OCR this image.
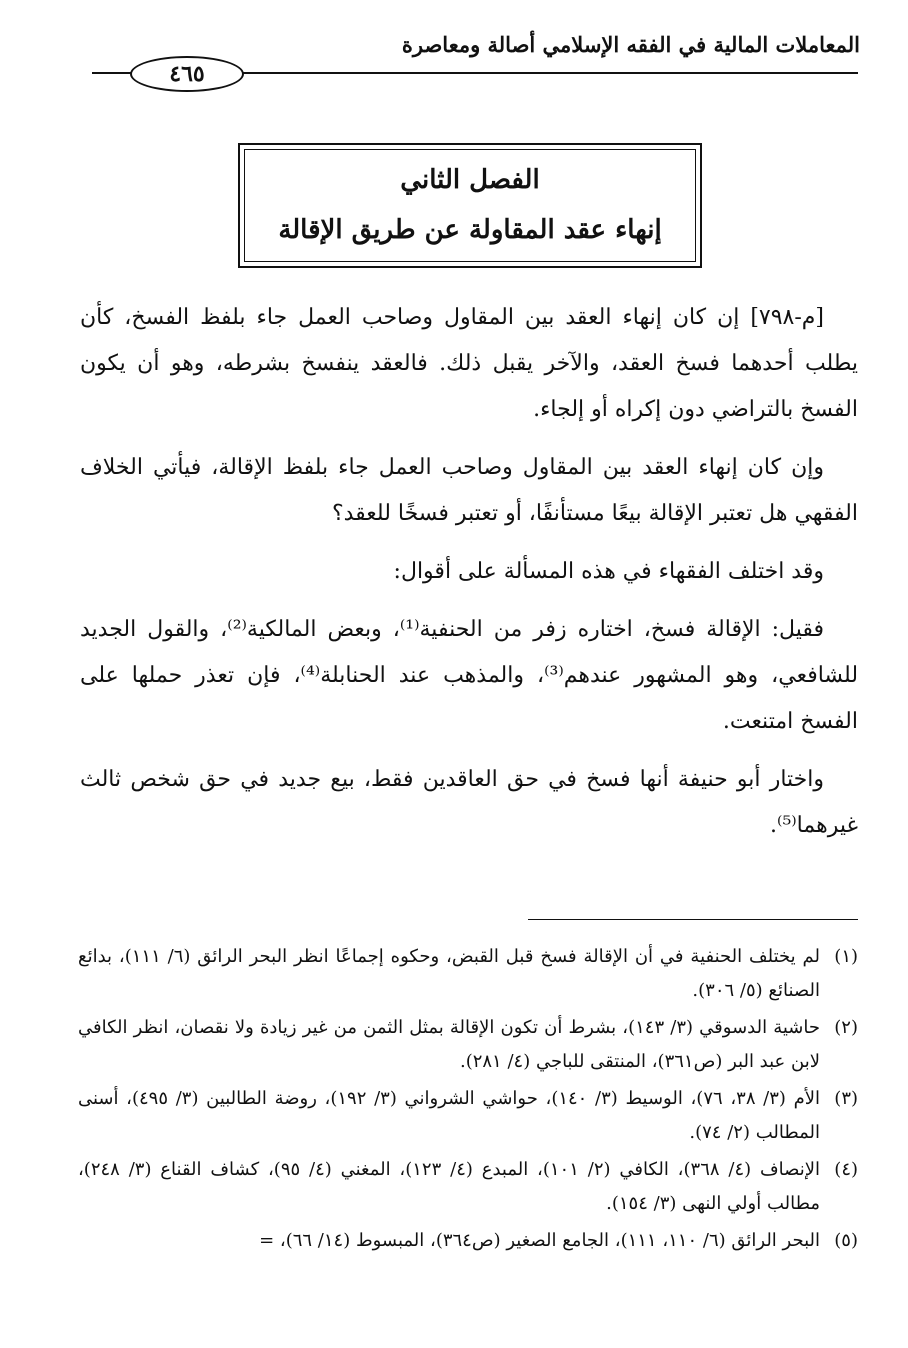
المعاملات المالية في الفقه الإسلامي أصالة ومعاصرة
٤٦٥
الفصل الثاني
إنهاء عقد المقاولة عن طريق الإقالة

[م-٧٩٨] إن كان إنهاء العقد بين المقاول وصاحب العمل جاء بلفظ الفسخ، كأن يطلب أحدهما فسخ العقد، والآخر يقبل ذلك. فالعقد ينفسخ بشرطه، وهو أن يكون الفسخ بالتراضي دون إكراه أو إلجاء.

وإن كان إنهاء العقد بين المقاول وصاحب العمل جاء بلفظ الإقالة، فيأتي الخلاف الفقهي هل تعتبر الإقالة بيعًا مستأنفًا، أو تعتبر فسخًا للعقد؟

وقد اختلف الفقهاء في هذه المسألة على أقوال:

فقيل: الإقالة فسخ، اختاره زفر من الحنفية⁽¹⁾، وبعض المالكية⁽²⁾، والقول الجديد للشافعي، وهو المشهور عندهم⁽³⁾، والمذهب عند الحنابلة⁽⁴⁾، فإن تعذر حملها على الفسخ امتنعت.

واختار أبو حنيفة أنها فسخ في حق العاقدين فقط، بيع جديد في حق شخص ثالث غيرهما⁽⁵⁾.

(١)لم يختلف الحنفية في أن الإقالة فسخ قبل القبض، وحكوه إجماعًا انظر البحر الرائق (٦/ ١١١)، بدائع الصنائع (٥/ ٣٠٦).

(٢)حاشية الدسوقي (٣/ ١٤٣)، بشرط أن تكون الإقالة بمثل الثمن من غير زيادة ولا نقصان، انظر الكافي لابن عبد البر (ص٣٦١)، المنتقى للباجي (٤/ ٢٨١).

(٣)الأم (٣/ ٣٨، ٧٦)، الوسيط (٣/ ١٤٠)، حواشي الشرواني (٣/ ١٩٢)، روضة الطالبين (٣/ ٤٩٥)، أسنى المطالب (٢/ ٧٤).

(٤)الإنصاف (٤/ ٣٦٨)، الكافي (٢/ ١٠١)، المبدع (٤/ ١٢٣)، المغني (٤/ ٩٥)، كشاف القناع (٣/ ٢٤٨)، مطالب أولي النهى (٣/ ١٥٤).

(٥)البحر الرائق (٦/ ١١٠، ١١١)، الجامع الصغير (ص٣٦٤)، المبسوط (١٤/ ٦٦)، =
